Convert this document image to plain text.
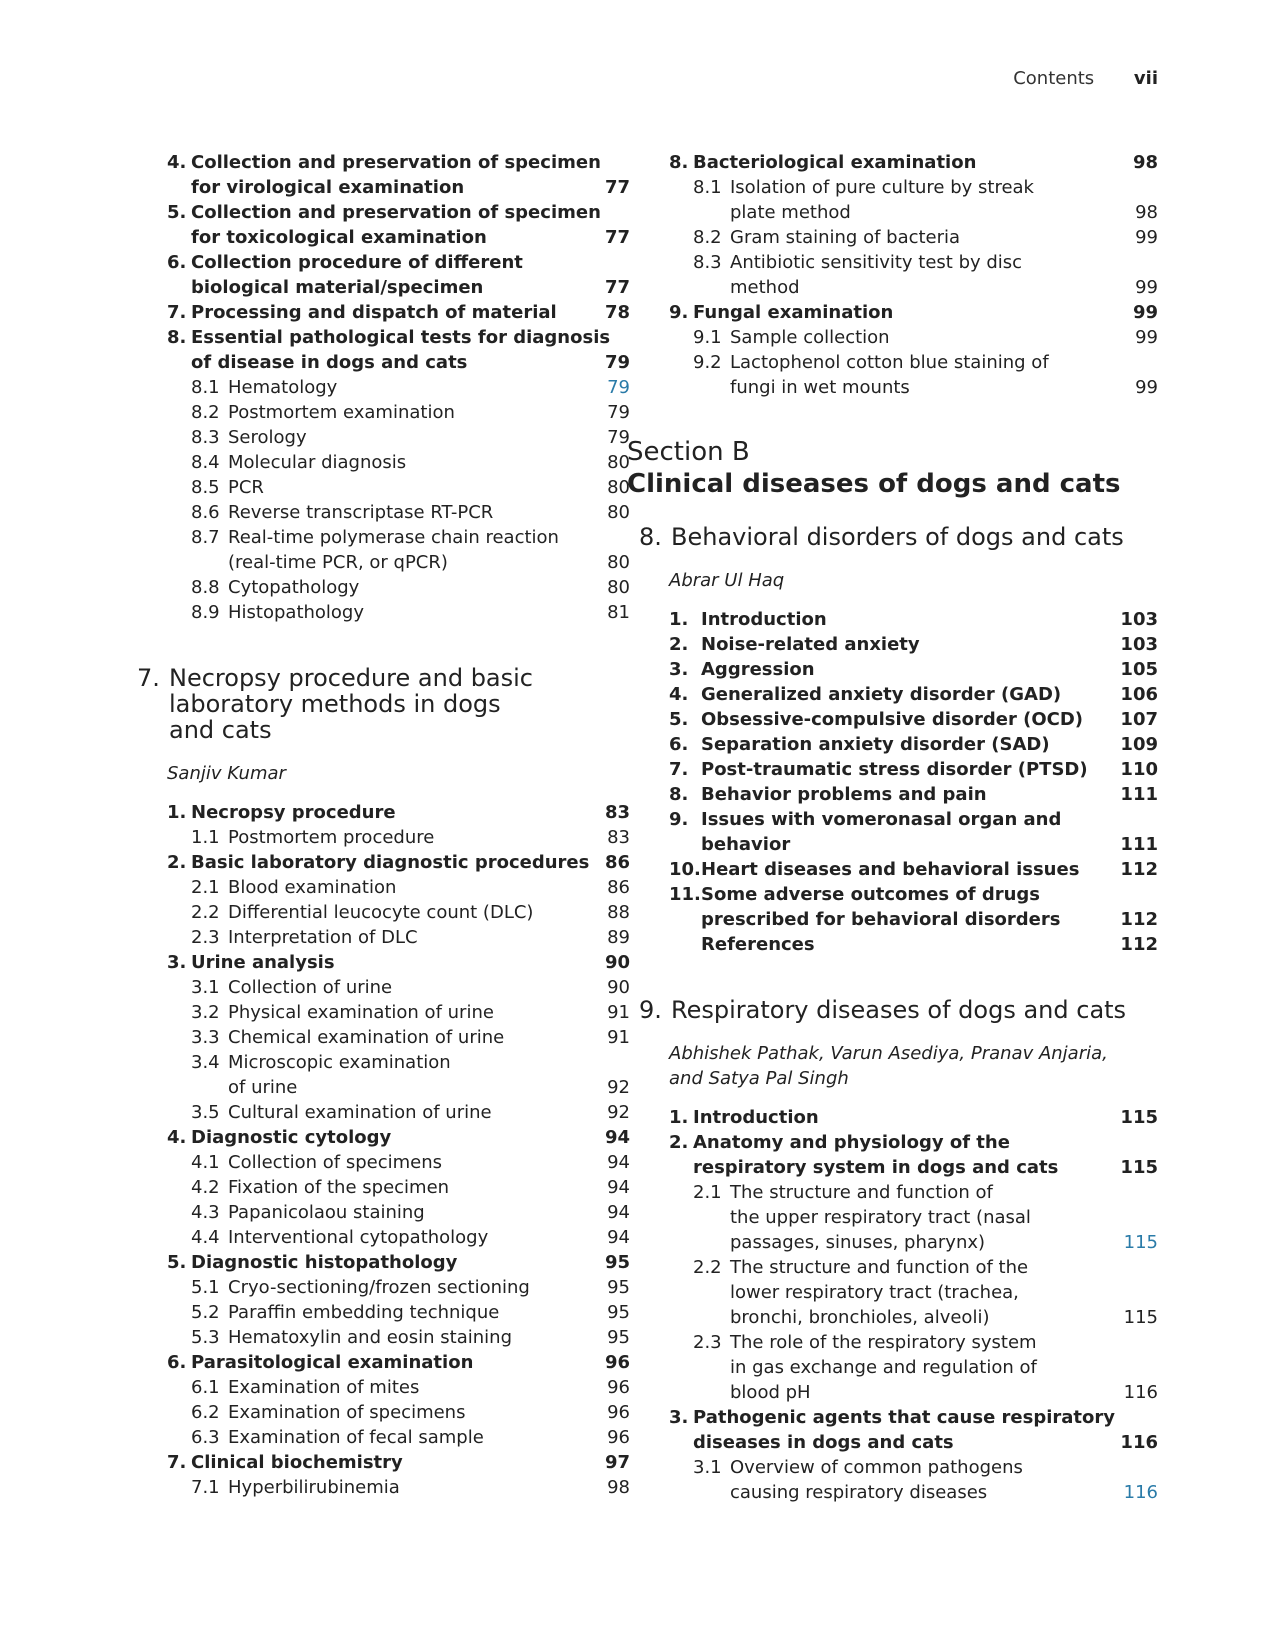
Contents vii
4. Collection and preservation of specimen
for virological examination	77
5. Collection and preservation of specimen
for toxicological examination	77
6. Collection procedure of different
biological material/specimen	77
7. Processing and dispatch of material	78
8. Essential pathological tests for diagnosis
of disease in dogs and cats	79
8.1 Hematology	79
8.2 Postmortem examination	79
8.3 Serology	79
8.4 Molecular diagnosis	80
8.5 PCR	80
8.6 Reverse transcriptase RT-PCR	80
8.7 Real-time polymerase chain reaction
(real-time PCR, or qPCR)	80
8.8 Cytopathology	80
8.9 Histopathology	81
7. Necropsy procedure and basic
laboratory methods in dogs
and cats
Sanjiv Kumar
1. Necropsy procedure	83
1.1 Postmortem procedure	83
2. Basic laboratory diagnostic procedures 86
2.1 Blood examination	86
2.2 Differential leucocyte count (DLC)	88
2.3 Interpretation of DLC	89
3. Urine analysis	90
3.1 Collection of urine	90
3.2 Physical examination of urine	91
3.3 Chemical examination of urine	91
3.4 Microscopic examination
of urine	92
3.5 Cultural examination of urine	92
4. Diagnostic cytology	94
4.1 Collection of specimens	94
4.2 Fixation of the specimen	94
4.3 Papanicolaou staining	94
4.4 Interventional cytopathology	94
5. Diagnostic histopathology	95
5.1 Cryo-sectioning/frozen sectioning	95
5.2 Paraffin embedding technique	95
5.3 Hematoxylin and eosin staining	95
6. Parasitological examination	96
6.1 Examination of mites	96
6.2 Examination of specimens	96
6.3 Examination of fecal sample	96
7. Clinical biochemistry	97
7.1 Hyperbilirubinemia	98
8. Bacteriological examination	98
8.1 Isolation of pure culture by streak
plate method	98
8.2 Gram staining of bacteria	99
8.3 Antibiotic sensitivity test by disc
method	99
9. Fungal examination	99
9.1 Sample collection	99
9.2 Lactophenol cotton blue staining of
fungi in wet mounts	99
Section B
Clinical diseases of dogs and cats
8. Behavioral disorders of dogs and cats
Abrar Ul Haq
1. Introduction	103
2. Noise-related anxiety	103
3. Aggression	105
4. Generalized anxiety disorder (GAD)	106
5. Obsessive-compulsive disorder (OCD) 107
6. Separation anxiety disorder (SAD)	109
7. Post-traumatic stress disorder (PTSD) 110
8. Behavior problems and pain	111
9. Issues with vomeronasal organ and
behavior	111
10. Heart diseases and behavioral issues 112
11. Some adverse outcomes of drugs
prescribed for behavioral disorders	112
References	112
9. Respiratory diseases of dogs and cats
Abhishek Pathak, Varun Asediya, Pranav Anjaria,
and Satya Pal Singh
1. Introduction	115
2. Anatomy and physiology of the
respiratory system in dogs and cats	115
2.1 The structure and function of
the upper respiratory tract (nasal
passages, sinuses, pharynx)	115
2.2 The structure and function of the
lower respiratory tract (trachea,
bronchi, bronchioles, alveoli)	115
2.3 The role of the respiratory system
in gas exchange and regulation of
blood pH	116
3. Pathogenic agents that cause respiratory
diseases in dogs and cats	116
3.1 Overview of common pathogens
causing respiratory diseases	116
